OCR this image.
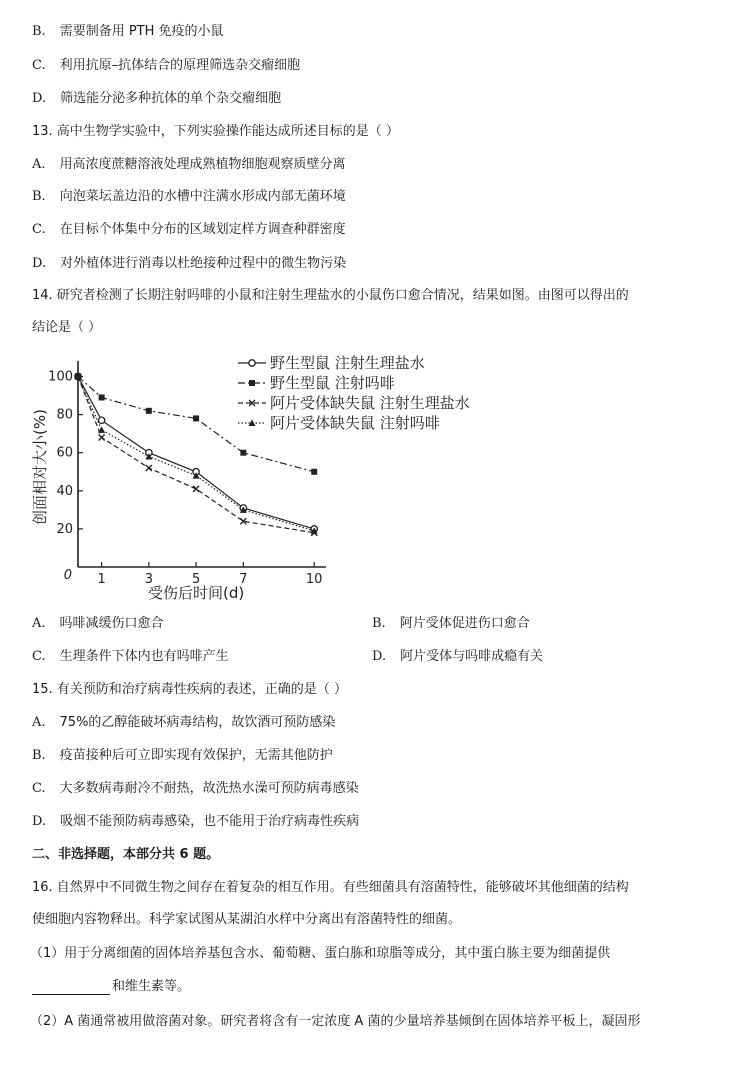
B. 需要制备用 PTH 免疫的小鼠
C. 利用抗原–抗体结合的原理筛选杂交瘤细胞
D. 筛选能分泌多种抗体的单个杂交瘤细胞
13. 高中生物学实验中，下列实验操作能达成所述目标的是（ ）
A. 用高浓度蔗糖溶液处理成熟植物细胞观察质壁分离
B. 向泡菜坛盖边沿的水槽中注满水形成内部无菌环境
C. 在目标个体集中分布的区域划定样方调查种群密度
D. 对外植体进行消毒以杜绝接种过程中的微生物污染
14. 研究者检测了长期注射吗啡的小鼠和注射生理盐水的小鼠伤口愈合情况，结果如图。由图可以得出的
结论是（ ）
1	3	5	7	10
20
40
60
80
100
0
受伤后时间(d)
创面相对大小(%)
野生型鼠 注射生理盐水
野生型鼠 注射吗啡
阿片受体缺失鼠 注射生理盐水
阿片受体缺失鼠 注射吗啡
A. 吗啡减缓伤口愈合	B. 阿片受体促进伤口愈合
C. 生理条件下体内也有吗啡产生	D. 阿片受体与吗啡成瘾有关
15. 有关预防和治疗病毒性疾病的表述，正确的是（ ）
A. 75%的乙醇能破坏病毒结构，故饮酒可预防感染
B. 疫苗接种后可立即实现有效保护，无需其他防护
C. 大多数病毒耐冷不耐热，故洗热水澡可预防病毒感染
D. 吸烟不能预防病毒感染，也不能用于治疗病毒性疾病
二、非选择题，本部分共 6 题。
16. 自然界中不同微生物之间存在着复杂的相互作用。有些细菌具有溶菌特性，能够破坏其他细菌的结构
使细胞内容物释出。科学家试图从某湖泊水样中分离出有溶菌特性的细菌。
（1）用于分离细菌的固体培养基包含水、葡萄糖、蛋白胨和琼脂等成分，其中蛋白胨主要为细菌提供
和维生素等。
（2）A 菌通常被用做溶菌对象。研究者将含有一定浓度 A 菌的少量培养基倾倒在固体培养平板上，凝固形
